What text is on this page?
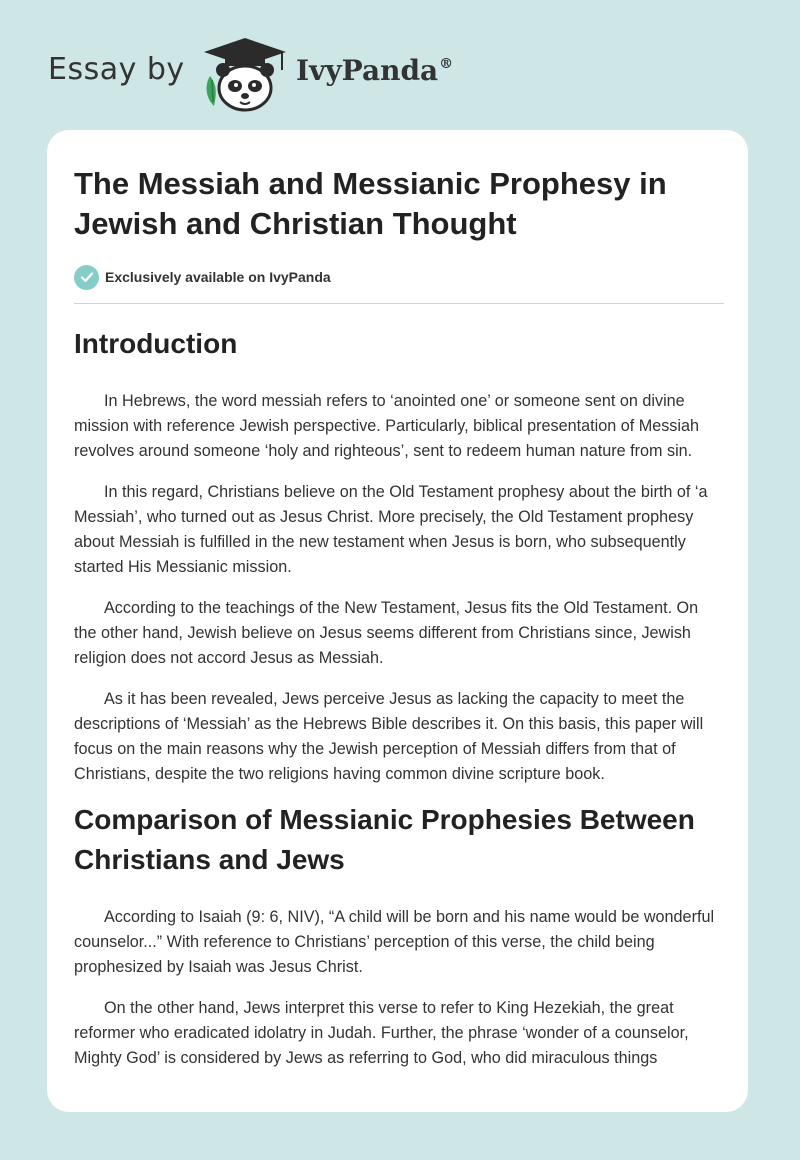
Essay by	IvyPanda®
The Messiah and Messianic Prophesy in Jewish and Christian Thought
Exclusively available on IvyPanda
Introduction

In Hebrews, the word messiah refers to ‘anointed one’ or someone sent on divine mission with reference Jewish perspective. Particularly, biblical presentation of Messiah revolves around someone ‘holy and righteous’, sent to redeem human nature from sin.

In this regard, Christians believe on the Old Testament prophesy about the birth of ‘a Messiah’, who turned out as Jesus Christ. More precisely, the Old Testament prophesy about Messiah is fulfilled in the new testament when Jesus is born, who subsequently started His Messianic mission.

According to the teachings of the New Testament, Jesus fits the Old Testament. On the other hand, Jewish believe on Jesus seems different from Christians since, Jewish religion does not accord Jesus as Messiah.

As it has been revealed, Jews perceive Jesus as lacking the capacity to meet the descriptions of ‘Messiah’ as the Hebrews Bible describes it. On this basis, this paper will focus on the main reasons why the Jewish perception of Messiah differs from that of Christians, despite the two religions having common divine scripture book.

Comparison of Messianic Prophesies Between Christians and Jews

According to Isaiah (9: 6, NIV), “A child will be born and his name would be wonderful counselor...” With reference to Christians’ perception of this verse, the child being prophesized by Isaiah was Jesus Christ.

On the other hand, Jews interpret this verse to refer to King Hezekiah, the great reformer who eradicated idolatry in Judah. Further, the phrase ‘wonder of a counselor, Mighty God’ is considered by Jews as referring to God, who did miraculous things
